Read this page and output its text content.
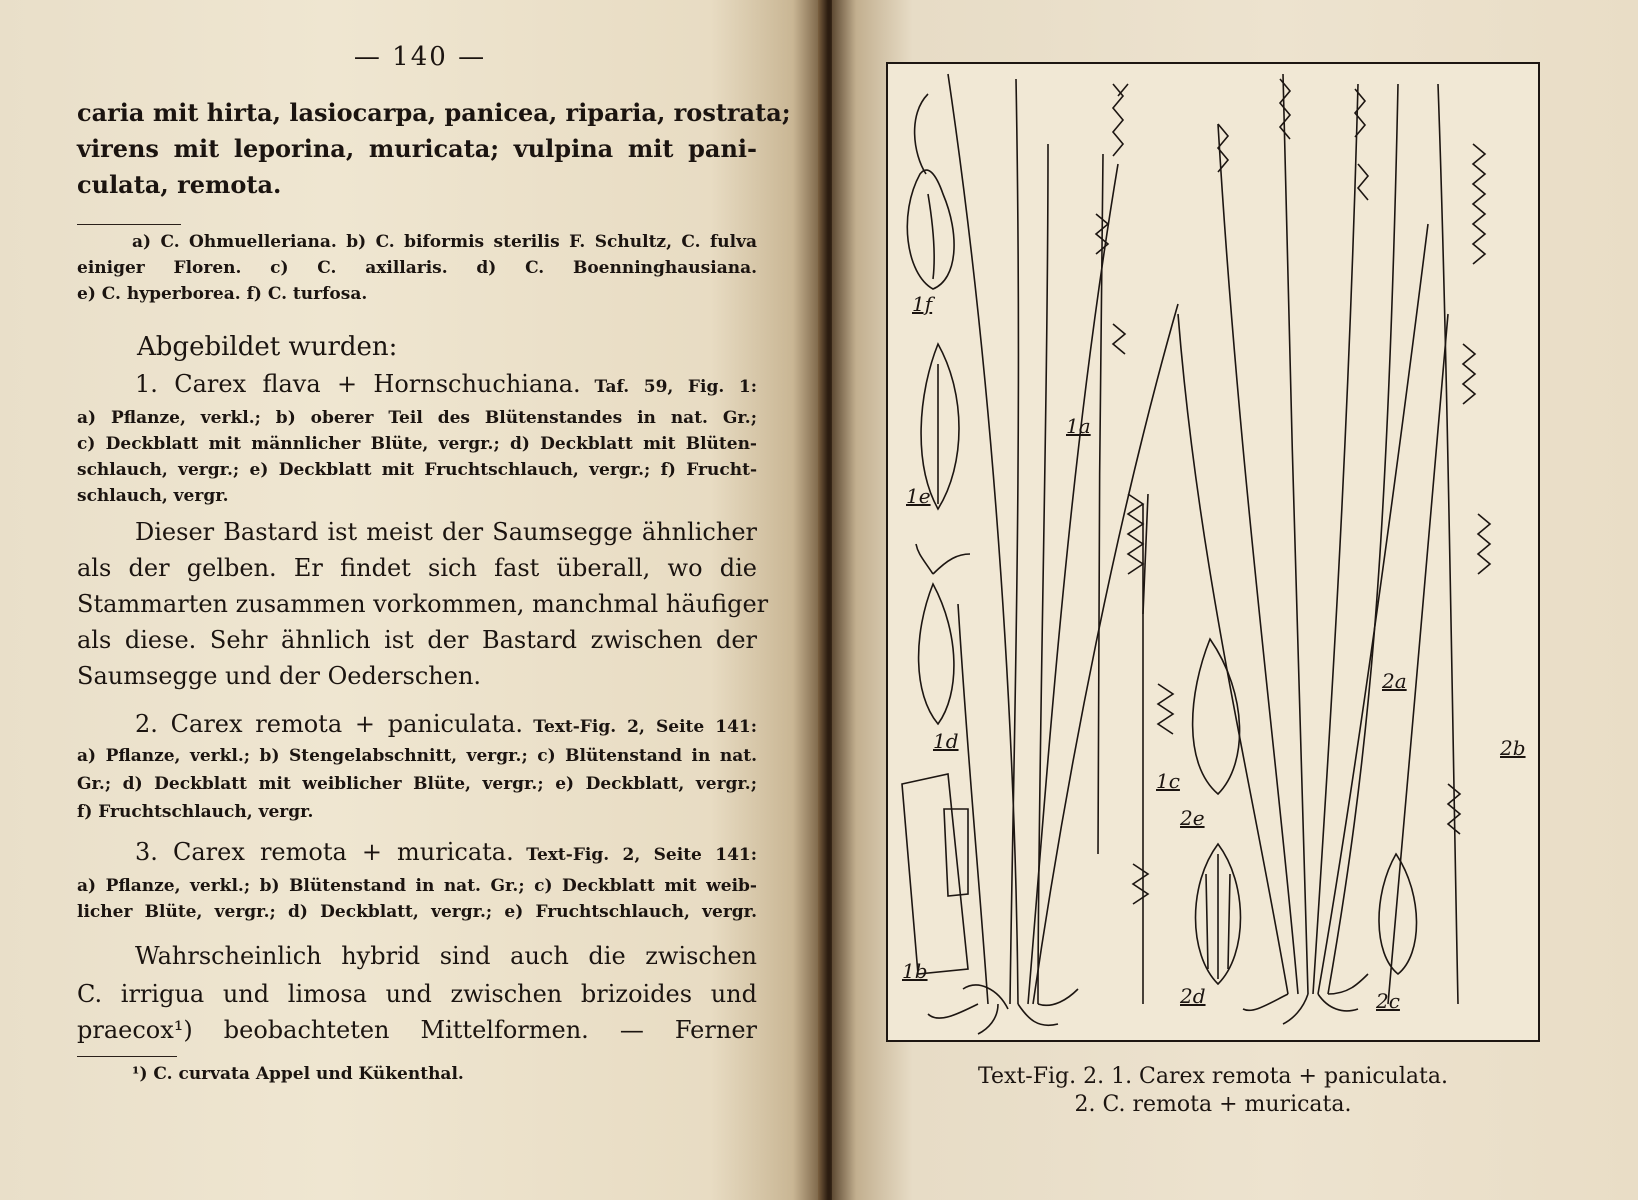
— 140 —
caria mit hirta, lasiocarpa, panicea, riparia, rostrata;
virens mit leporina, muricata; vulpina mit pani-
culata, remota.
a) C. Ohmuelleriana. b) C. biformis sterilis F. Schultz, C. fulva
einiger Floren. c) C. axillaris. d) C. Boenninghausiana.
e) C. hyperborea. f) C. turfosa.
Abgebildet wurden:
1. Carex flava + Hornschuchiana. Taf. 59, Fig. 1:
a) Pflanze, verkl.; b) oberer Teil des Blütenstandes in nat. Gr.;
c) Deckblatt mit männlicher Blüte, vergr.; d) Deckblatt mit Blüten-
schlauch, vergr.; e) Deckblatt mit Fruchtschlauch, vergr.; f) Frucht-
schlauch, vergr.
Dieser Bastard ist meist der Saumsegge ähnlicher
als der gelben. Er findet sich fast überall, wo die
Stammarten zusammen vorkommen, manchmal häufiger
als diese. Sehr ähnlich ist der Bastard zwischen der
Saumsegge und der Oederschen.
2. Carex remota + paniculata. Text-Fig. 2, Seite 141:
a) Pflanze, verkl.; b) Stengelabschnitt, vergr.; c) Blütenstand in nat.
Gr.; d) Deckblatt mit weiblicher Blüte, vergr.; e) Deckblatt, vergr.;
f) Fruchtschlauch, vergr.
3. Carex remota + muricata. Text-Fig. 2, Seite 141:
a) Pflanze, verkl.; b) Blütenstand in nat. Gr.; c) Deckblatt mit weib-
licher Blüte, vergr.; d) Deckblatt, vergr.; e) Fruchtschlauch, vergr.
Wahrscheinlich hybrid sind auch die zwischen
C. irrigua und limosa und zwischen brizoides und
praecox¹) beobachteten Mittelformen. — Ferner
¹) C. curvata Appel und Kükenthal.
1f
1a
1e
1d
1c
1b
2a
2b
2e
2d	2c
Text-Fig. 2. 1. Carex remota + paniculata.
2. C. remota + muricata.
